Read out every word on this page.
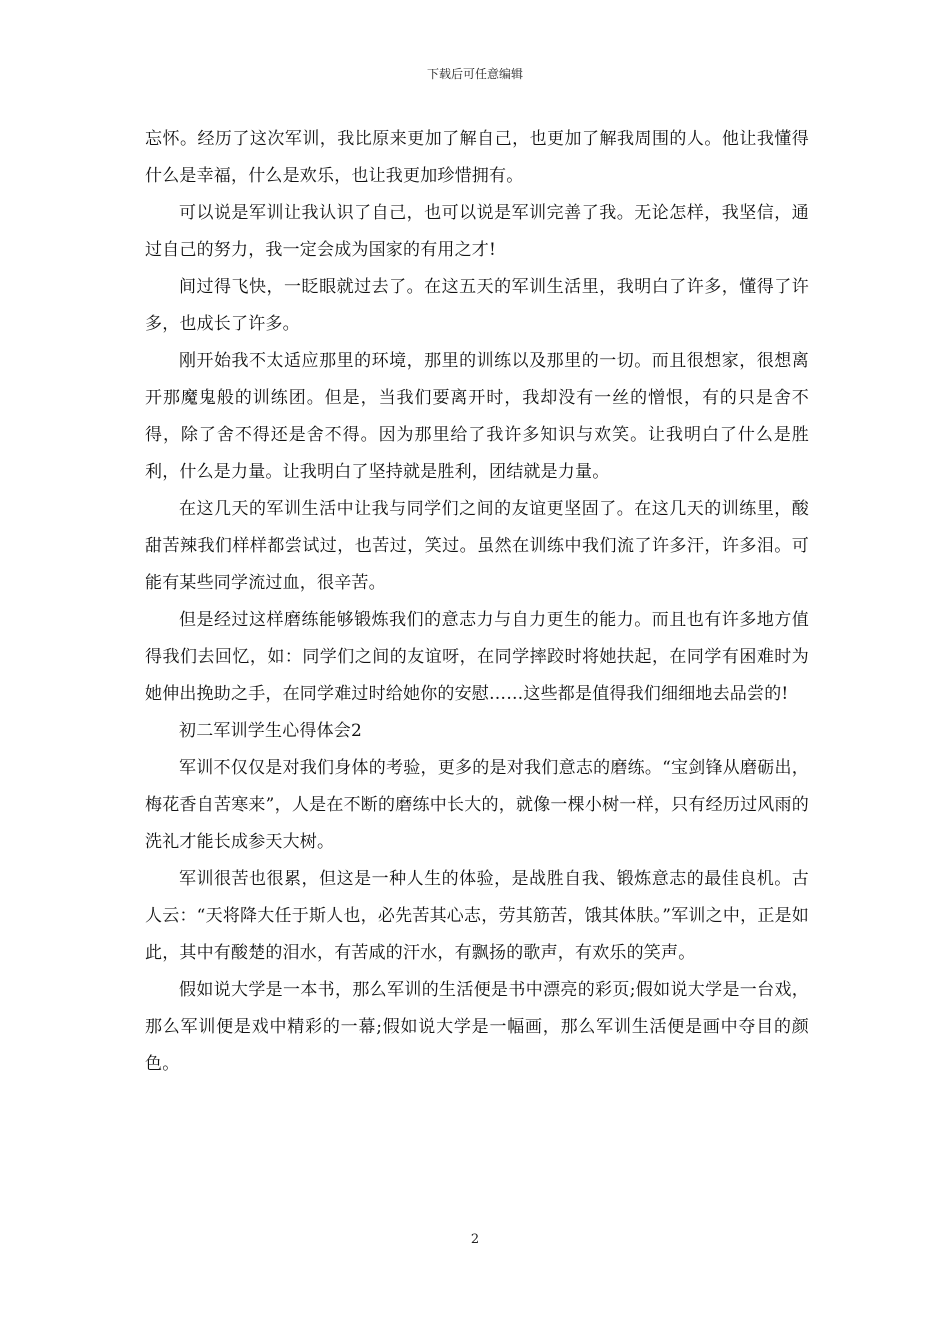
下载后可任意编辑

忘怀。经历了这次军训，我比原来更加了解自己，也更加了解我周围的人。他让我懂得什么是幸福，什么是欢乐，也让我更加珍惜拥有。

可以说是军训让我认识了自己，也可以说是军训完善了我。无论怎样，我坚信，通过自己的努力，我一定会成为国家的有用之才!

间过得飞快，一眨眼就过去了。在这五天的军训生活里，我明白了许多，懂得了许多，也成长了许多。

刚开始我不太适应那里的环境，那里的训练以及那里的一切。而且很想家，很想离开那魔鬼般的训练团。但是，当我们要离开时，我却没有一丝的憎恨，有的只是舍不得，除了舍不得还是舍不得。因为那里给了我许多知识与欢笑。让我明白了什么是胜利，什么是力量。让我明白了坚持就是胜利，团结就是力量。

在这几天的军训生活中让我与同学们之间的友谊更坚固了。在这几天的训练里，酸甜苦辣我们样样都尝试过，也苦过，笑过。虽然在训练中我们流了许多汗，许多泪。可能有某些同学流过血，很辛苦。

但是经过这样磨练能够锻炼我们的意志力与自力更生的能力。而且也有许多地方值得我们去回忆，如：同学们之间的友谊呀，在同学摔跤时将她扶起，在同学有困难时为她伸出挽助之手，在同学难过时给她你的安慰……这些都是值得我们细细地去品尝的!

初二军训学生心得体会2

军训不仅仅是对我们身体的考验，更多的是对我们意志的磨练。“宝剑锋从磨砺出，梅花香自苦寒来”，人是在不断的磨练中长大的，就像一棵小树一样，只有经历过风雨的洗礼才能长成参天大树。

军训很苦也很累，但这是一种人生的体验，是战胜自我、锻炼意志的最佳良机。古人云：“天将降大任于斯人也，必先苦其心志，劳其筋苦，饿其体肤。”军训之中，正是如此，其中有酸楚的泪水，有苦咸的汗水，有飘扬的歌声，有欢乐的笑声。

假如说大学是一本书，那么军训的生活便是书中漂亮的彩页;假如说大学是一台戏，那么军训便是戏中精彩的一幕;假如说大学是一幅画，那么军训生活便是画中夺目的颜色。

2
